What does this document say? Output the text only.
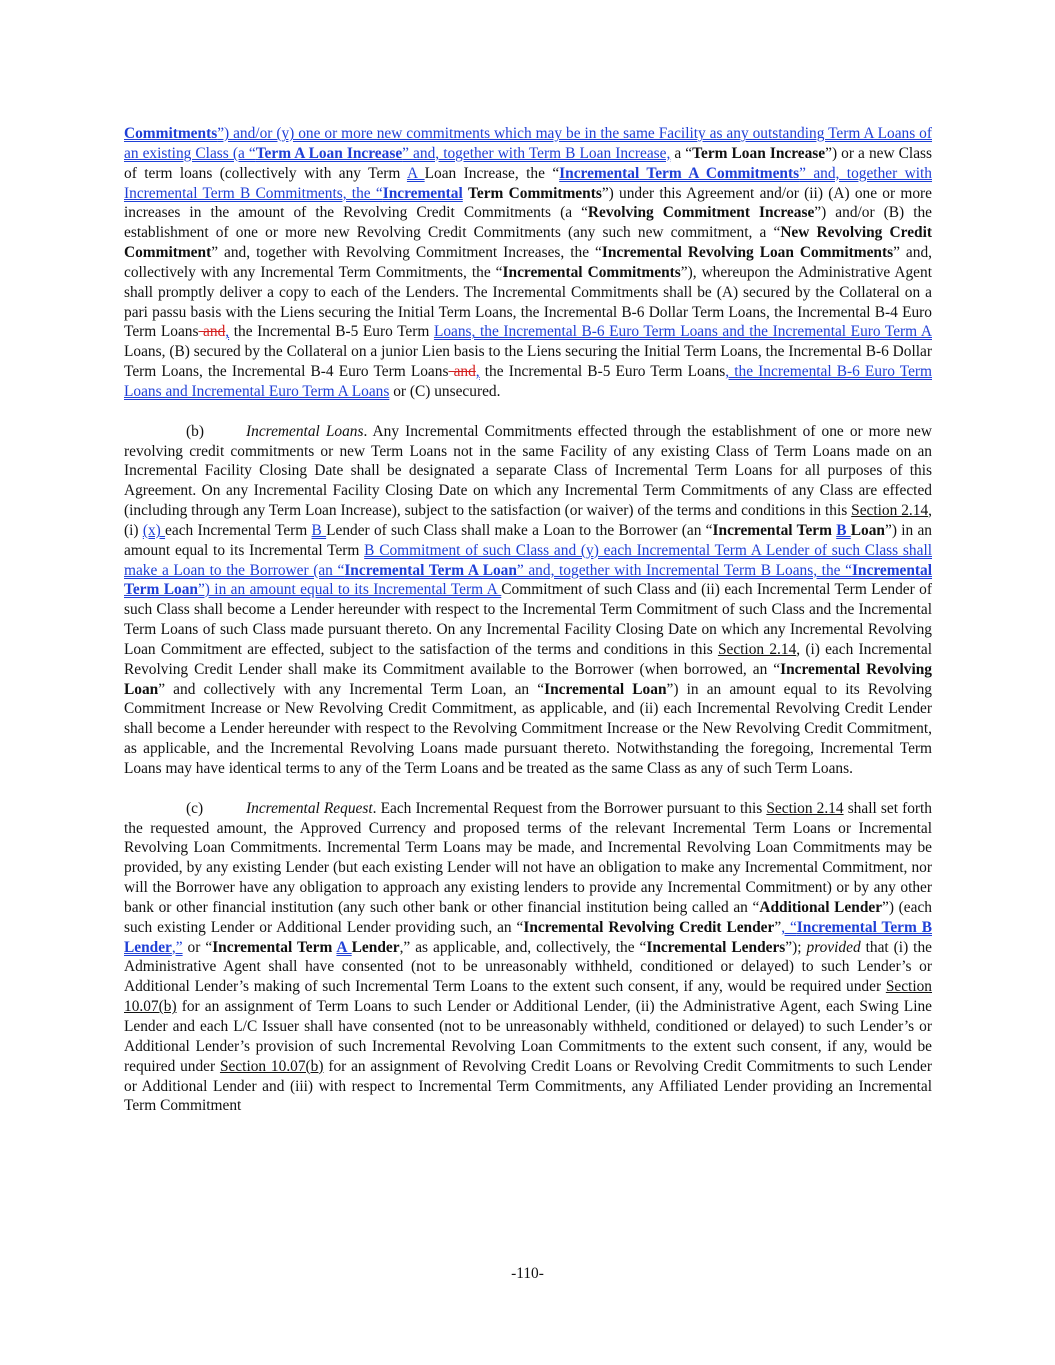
Commitments”) and/or (y) one or more new commitments which may be in the same Facility as any outstanding Term A Loans of an existing Class (a “Term A Loan Increase” and, together with Term B Loan Increase, a “Term Loan Increase”) or a new Class of term loans (collectively with any Term A Loan Increase, the “Incremental Term A Commitments” and, together with Incremental Term B Commitments, the “Incremental Term Commitments”) under this Agreement and/or (ii) (A) one or more increases in the amount of the Revolving Credit Commitments (a “Revolving Commitment Increase”) and/or (B) the establishment of one or more new Revolving Credit Commitments (any such new commitment, a “New Revolving Credit Commitment” and, together with Revolving Commitment Increases, the “Incremental Revolving Loan Commitments” and, collectively with any Incremental Term Commitments, the “Incremental Commitments”), whereupon the Administrative Agent shall promptly deliver a copy to each of the Lenders. The Incremental Commitments shall be (A) secured by the Collateral on a pari passu basis with the Liens securing the Initial Term Loans, the Incremental B-6 Dollar Term Loans, the Incremental B-4 Euro Term Loans and, the Incremental B-5 Euro Term Loans, the Incremental B-6 Euro Term Loans and the Incremental Euro Term A Loans, (B) secured by the Collateral on a junior Lien basis to the Liens securing the Initial Term Loans, the Incremental B-6 Dollar Term Loans, the Incremental B-4 Euro Term Loans and, the Incremental B-5 Euro Term Loans, the Incremental B-6 Euro Term Loans and Incremental Euro Term A Loans or (C) unsecured.

(b)	Incremental Loans. Any Incremental Commitments effected through the establishment of one or more new revolving credit commitments or new Term Loans not in the same Facility of any existing Class of Term Loans made on an Incremental Facility Closing Date shall be designated a separate Class of Incremental Term Loans for all purposes of this Agreement. On any Incremental Facility Closing Date on which any Incremental Term Commitments of any Class are effected (including through any Term Loan Increase), subject to the satisfaction (or waiver) of the terms and conditions in this Section 2.14, (i) (x) each Incremental Term B Lender of such Class shall make a Loan to the Borrower (an “Incremental Term B Loan”) in an amount equal to its Incremental Term B Commitment of such Class and (y) each Incremental Term A Lender of such Class shall make a Loan to the Borrower (an “Incremental Term A Loan” and, together with Incremental Term B Loans, the “Incremental Term Loan”) in an amount equal to its Incremental Term A Commitment of such Class and (ii) each Incremental Term Lender of such Class shall become a Lender hereunder with respect to the Incremental Term Commitment of such Class and the Incremental Term Loans of such Class made pursuant thereto. On any Incremental Facility Closing Date on which any Incremental Revolving Loan Commitment are effected, subject to the satisfaction of the terms and conditions in this Section 2.14, (i) each Incremental Revolving Credit Lender shall make its Commitment available to the Borrower (when borrowed, an “Incremental Revolving Loan” and collectively with any Incremental Term Loan, an “Incremental Loan”) in an amount equal to its Revolving Commitment Increase or New Revolving Credit Commitment, as applicable, and (ii) each Incremental Revolving Credit Lender shall become a Lender hereunder with respect to the Revolving Commitment Increase or the New Revolving Credit Commitment, as applicable, and the Incremental Revolving Loans made pursuant thereto. Notwithstanding the foregoing, Incremental Term Loans may have identical terms to any of the Term Loans and be treated as the same Class as any of such Term Loans.

(c)	Incremental Request. Each Incremental Request from the Borrower pursuant to this Section 2.14 shall set forth the requested amount, the Approved Currency and proposed terms of the relevant Incremental Term Loans or Incremental Revolving Loan Commitments. Incremental Term Loans may be made, and Incremental Revolving Loan Commitments may be provided, by any existing Lender (but each existing Lender will not have an obligation to make any Incremental Commitment, nor will the Borrower have any obligation to approach any existing lenders to provide any Incremental Commitment) or by any other bank or other financial institution (any such other bank or other financial institution being called an “Additional Lender”) (each such existing Lender or Additional Lender providing such, an “Incremental Revolving Credit Lender”, “Incremental Term B Lender,” or “Incremental Term A Lender,” as applicable, and, collectively, the “Incremental Lenders”); provided that (i) the Administrative Agent shall have consented (not to be unreasonably withheld, conditioned or delayed) to such Lender’s or Additional Lender’s making of such Incremental Term Loans to the extent such consent, if any, would be required under Section 10.07(b) for an assignment of Term Loans to such Lender or Additional Lender, (ii) the Administrative Agent, each Swing Line Lender and each L/C Issuer shall have consented (not to be unreasonably withheld, conditioned or delayed) to such Lender’s or Additional Lender’s provision of such Incremental Revolving Loan Commitments to the extent such consent, if any, would be required under Section 10.07(b) for an assignment of Revolving Credit Loans or Revolving Credit Commitments to such Lender or Additional Lender and (iii) with respect to Incremental Term Commitments, any Affiliated Lender providing an Incremental Term Commitment

-110-
